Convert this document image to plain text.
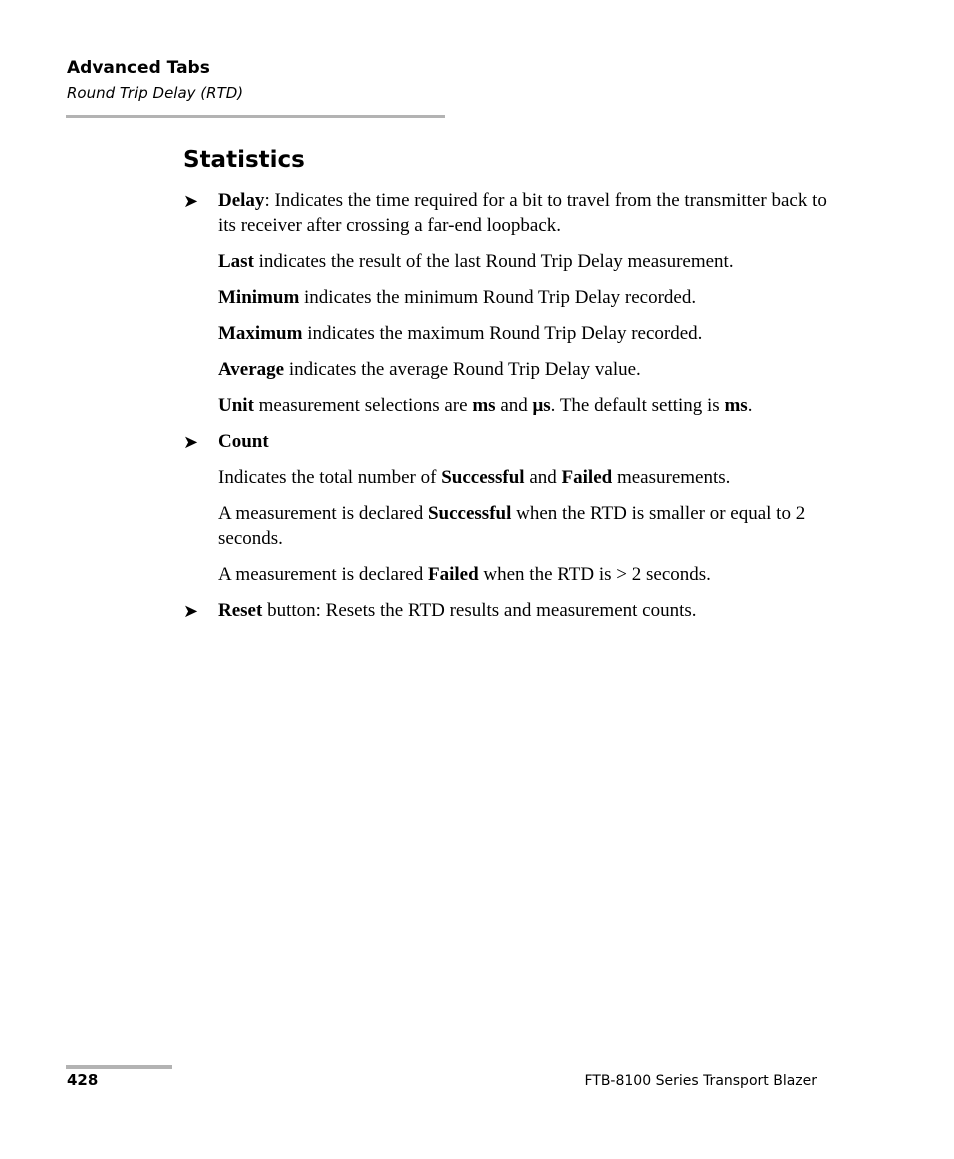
Advanced Tabs

Round Trip Delay (RTD)

Statistics
➤ Delay: Indicates the time required for a bit to travel from the transmitter back to its receiver after crossing a far-end loopback.
Last indicates the result of the last Round Trip Delay measurement.
Minimum indicates the minimum Round Trip Delay recorded.
Maximum indicates the maximum Round Trip Delay recorded.
Average indicates the average Round Trip Delay value.
Unit measurement selections are ms and μs. The default setting is ms.
➤ Count
Indicates the total number of Successful and Failed measurements.
A measurement is declared Successful when the RTD is smaller or equal to 2 seconds.
A measurement is declared Failed when the RTD is > 2 seconds.
➤ Reset button: Resets the RTD results and measurement counts.
428	FTB-8100 Series Transport Blazer
